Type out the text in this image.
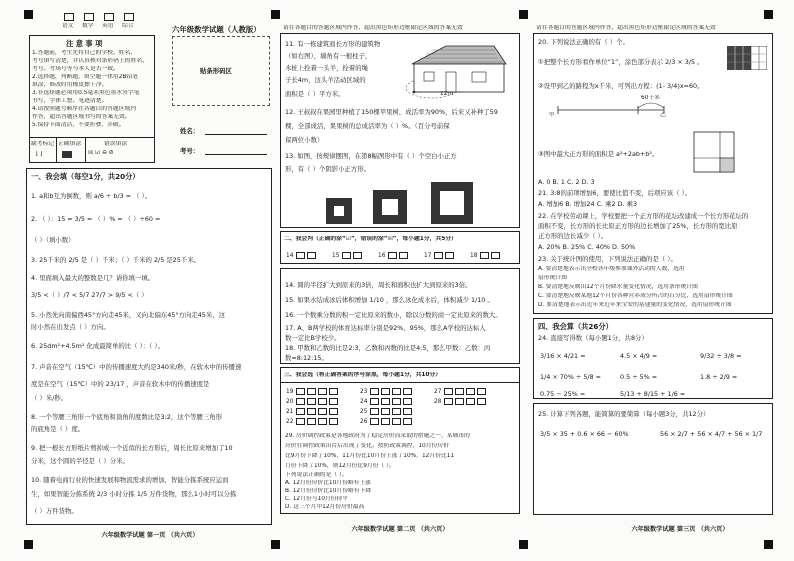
语文 数学 英语 综合	六年级数学试题（人教版）
注 意 事 项
1.答题前，考生先将自己的学校、姓名、
考号填写清楚，并认真核对条形码上的姓名、
考号、考场号等与本人是否一致。
2.选择题，判断题，填空题一律用2B铅笔
填涂，修改时用橡皮擦干净。
3.非选择题必须用0.5毫米黑色墨水签字笔
书写，字体工整、笔迹清楚。
4.请按照题号顺序在各题目的答题区域内
作答，超出答题区域书写的答案无效。
5.保持卡面清洁，不要折叠、弄破。
缺考标记
[ ]
正确填涂	错误填涂
☒ ☑ ⊖ ⊘
贴条形码区
姓名：
考号：
一、我会填（每空1分，共20分）
1. a和b互为倒数，则 a/6 ÷ b/3 = （ ）。
2. （ ）：15 = 3/5 = （ ）% = （ ）÷60 =
（ ）（填小数）
3. 25千米的 2/5 是（ ）千米；（ ）千米的 2/5 是25千米。
4. 里面填入最大的整数是几？请你填一填。
3/5 <（ ）/7 < 5/7 27/7 > 9/5 <（ ）
5. 小然先向南偏西45°方向走45米，又向北偏东45°方向走45米，这
时小然在出发点（ ）方向。
6. 25dm²+4.5m² 化成最简单的比（ ）：（ ）。
7. 声音在空气（15℃）中的传播速度大约是340米/秒，在软木中的传播速
度是在空气（15℃）中的 23/17 ，声音在软木中的传播速度是
（ ）米/秒。
8. 一个等腰三角形一个底角和顶角的度数比是3:2，这个等腰三角形
的底角是（ ）度。
9. 把一根长方形纸片剪掉成一个近似的长方形后，周长比原来增加了10
分米，这个圆的半径是（ ）分米。
10. 随着电商行业的快速发展和物流需求的增加，智能分拣系统应运而
生，如果智能分拣系统 2/3 小时分拣 1/5 万件货物，那么1小时可以分拣
（ ）万件货物。
六年级数学试题 第一页 （共六页）
请在各题目的答题区域内作答，超出黑色矩形边框限定区域的答案无效
11. 有一栋建筑面长方形的建筑物
（如右图），墙角有一根柱子，
木桩上拴着一头羊，拴着的绳
子长4m，这头羊活动区域的
面积是（ ）平方米。
12. 王叔叔在果园里种植了150棵苹果树，成活率为90%，后来又补种了59
棵，全部成活，果果树的总成活率为（ ）%。（百分号前保
留两位小数）
13. 如图，按规律摆图，在第8幅图形中有（ ）个空白小正方
形，有（ ）个阴影小正方形。
12m
二、我会判（正确的涂“☑”，错误的涂“☒”，每小题1分，共5分）
14	15	16	17	18
14. 圆的半径扩大到原来的3倍，周长和面积也扩大到原来的3倍。
15. 如果水结成冰后体积增加 1/10 ，那么冰化成水后，体积减少 1/10 。
16. 一个数乘分数的积一定比原来的数小，除以分数的商一定比原来的数大。
17. A、B两学校的体育达标率分别是92%、95%，那么A学校的达标人
数一定比B学校少。
18. 甲数和乙数的比是2:3，乙数和丙数的比是4:5，那么甲数：乙数：丙
数=8:12:15。
三、我会选（将正确答案的序号涂黑，每小题1分，共10分）
19	23	27
20	24	28
21	25
22	26
29. 房价调控政策是各地政府为了稳定房价而采取的措施之一，某城市的
房价在调控政策出台后出现了变化。按照政策调控，10月份房价
比9月份下降了10%，11月份比10月份上涨了10%，12月份比11
月份下降了10%，则12月份比9月份（ ）。
下列说法正确的是（ ）。
A. 12月份房价比10月份略有上涨
B. 12月份房价比10月份略有下降
C. 12月份与10月份持平
D. 这三个月中12月份房价最高
六年级数学试题 第二页 （共六页）
请在各题目的答题区域内作答，超出黑色矩形边框限定区域的答案无效
20. 下列说法正确的有（ ）个。
①把整个长方形看作单位“1”，涂色部分表示 2/3 × 3/5 。
②设甲到乙的路程为x千米，可列出方程：(1- 3/4)x=60。
甲
60千米
乙
③图中最大正方形的面积是 a²+2ab+b²。
A. 0 B. 1 C. 2 D. 3
21. 3:8的前项增加6，要使比值不变，后项应该（ ）。
A. 增加6 B. 增加24 C. 乘2 D. 乘3
22. 在学校劳动课上，学校要把一个正方形的花坛改建成一个长方形花坛的
面积不变，长方形的长比原正方形的边长增加了25%，长方形的宽比原
正方形的边长减少（ ）。
A. 20% B. 25% C. 40% D. 50%
23. 关于统计图的使用，下列说法正确的是（ ）。
A. 要清楚地表示出全校各年级参加课外活动的人数，选用
扇形统计图
B. 要清楚地反映出12个月份降水量变化情况，选用条形统计图
C. 要清楚地反映某地12个月份各种营养成分所占的百分比，选用扇形统计图
D. 要清楚地表示出近年来近年来宝安的基建量的变化情况，选用扇形统计图
四、我会算（共26分）
24. 直接写得数（每小题1分，共8分）
3/16 × 4/21 =	4.5 × 4/9 =	9/32 ÷ 3/8 =
1/4 × 70% ÷ 5/8 =	0.5 ÷ 5% =	1.8 ÷ 2/9 =
0.75 − 25% =	5/13 + 8/15 + 1/6 =
25. 计算下列各题，能简算的要简算（每小题3分，共12分）
3/5 × 35 + 0.6 × 66 − 60%	56 × 2/7 + 56 × 4/7 + 56 × 1/7
六年级数学试题 第三页 （共六页）
